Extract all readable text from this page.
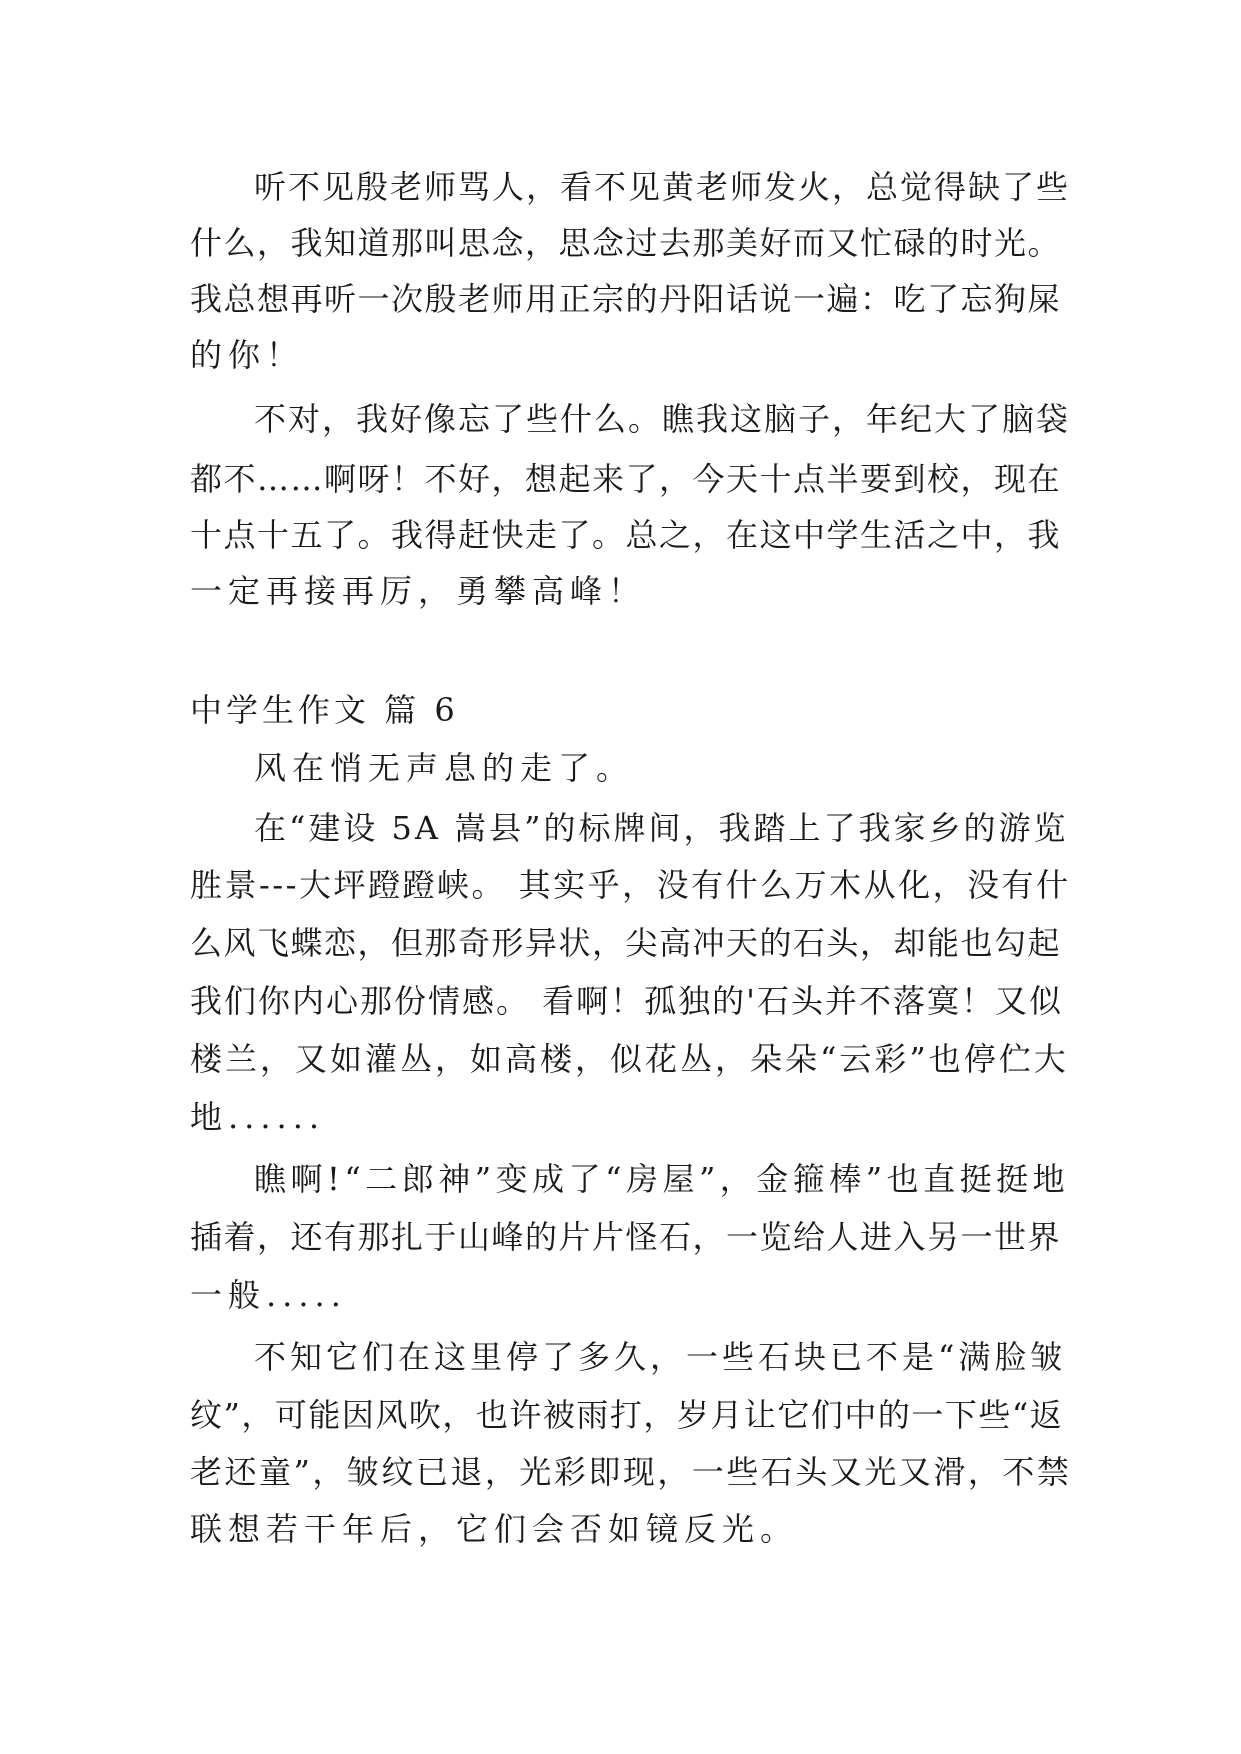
听不见殷老师骂人，看不见黄老师发火，总觉得缺了些
什么，我知道那叫思念，思念过去那美好而又忙碌的时光。
我总想再听一次殷老师用正宗的丹阳话说一遍：吃了忘狗屎
的你！
不对，我好像忘了些什么。瞧我这脑子，年纪大了脑袋
都不……啊呀！不好，想起来了，今天十点半要到校，现在
十点十五了。我得赶快走了。总之，在这中学生活之中，我
一定再接再厉，勇攀高峰！
中学生作文 篇 6
风在悄无声息的走了。
在“建设 5A 嵩县”的标牌间，我踏上了我家乡的游览
胜景---大坪蹬蹬峡。 其实乎，没有什么万木从化，没有什
么风飞蝶恋，但那奇形异状，尖高冲天的石头，却能也勾起
我们你内心那份情感。 看啊！孤独的'石头并不落寞！又似
楼兰，又如灌丛，如高楼，似花丛，朵朵“云彩”也停伫大
地......
瞧啊!“二郎神”变成了“房屋”，金箍棒”也直挺挺地
插着，还有那扎于山峰的片片怪石，一览给人进入另一世界
一般.....
不知它们在这里停了多久，一些石块已不是“满脸皱
纹”，可能因风吹，也许被雨打，岁月让它们中的一下些“返
老还童”，皱纹已退，光彩即现，一些石头又光又滑，不禁
联想若干年后，它们会否如镜反光。
